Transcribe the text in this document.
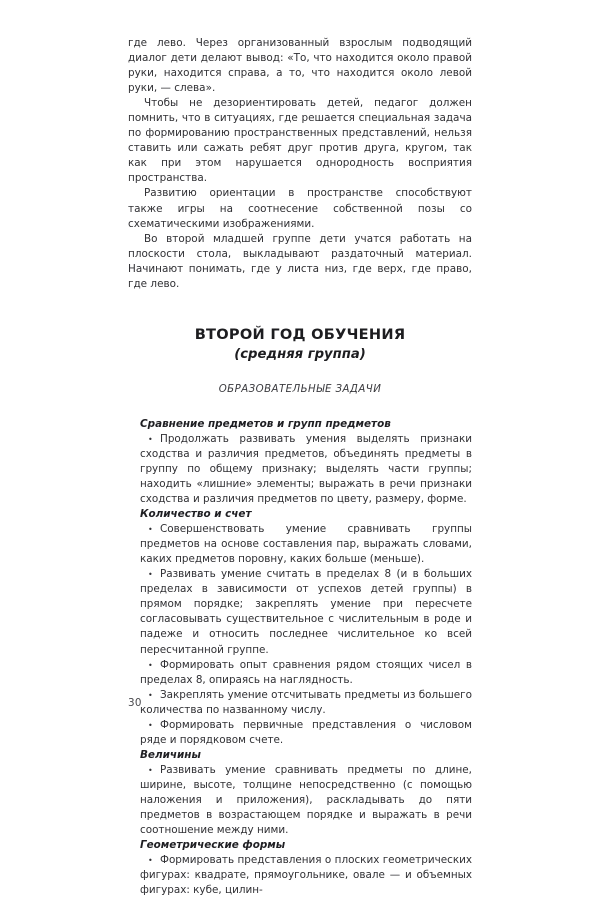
где лево. Через организованный взрослым подводящий диалог дети делают вывод: «То, что находится около правой руки, находится справа, а то, что находится около левой руки, — слева».

Чтобы не дезориентировать детей, педагог должен помнить, что в ситуациях, где решается специальная задача по формированию пространственных представлений, нельзя ставить или сажать ребят друг против друга, кругом, так как при этом нарушается однородность восприятия пространства.

Развитию ориентации в пространстве способствуют также игры на соотнесение собственной позы со схематическими изображениями.

Во второй младшей группе дети учатся работать на плоскости стола, выкладывают раздаточный материал. Начинают понимать, где у листа низ, где верх, где право, где лево.

ВТОРОЙ ГОД ОБУЧЕНИЯ
(средняя группа)
ОБРАЗОВАТЕЛЬНЫЕ ЗАДАЧИ
Сравнение предметов и групп предметов
• Продолжать развивать умения выделять признаки сходства и различия предметов, объединять предметы в группу по общему признаку; выделять части группы; находить «лишние» элементы; выражать в речи признаки сходства и различия предметов по цвету, размеру, форме.
Количество и счет
• Совершенствовать умение сравнивать группы предметов на основе составления пар, выражать словами, каких предметов поровну, каких больше (меньше).
• Развивать умение считать в пределах 8 (и в больших пределах в зависимости от успехов детей группы) в прямом порядке; закреплять умение при пересчете согласовывать существительное с числительным в роде и падеже и относить последнее числительное ко всей пересчитанной группе.
• Формировать опыт сравнения рядом стоящих чисел в пределах 8, опираясь на наглядность.
• Закреплять умение отсчитывать предметы из большего количества по названному числу.
• Формировать первичные представления о числовом ряде и порядковом счете.
Величины
• Развивать умение сравнивать предметы по длине, ширине, высоте, толщине непосредственно (с помощью наложения и приложения), раскладывать до пяти предметов в возрастающем порядке и выражать в речи соотношение между ними.
Геометрические формы
• Формировать представления о плоских геометрических фигурах: квадрате, прямоугольнике, овале — и объемных фигурах: кубе, цилин-
30
